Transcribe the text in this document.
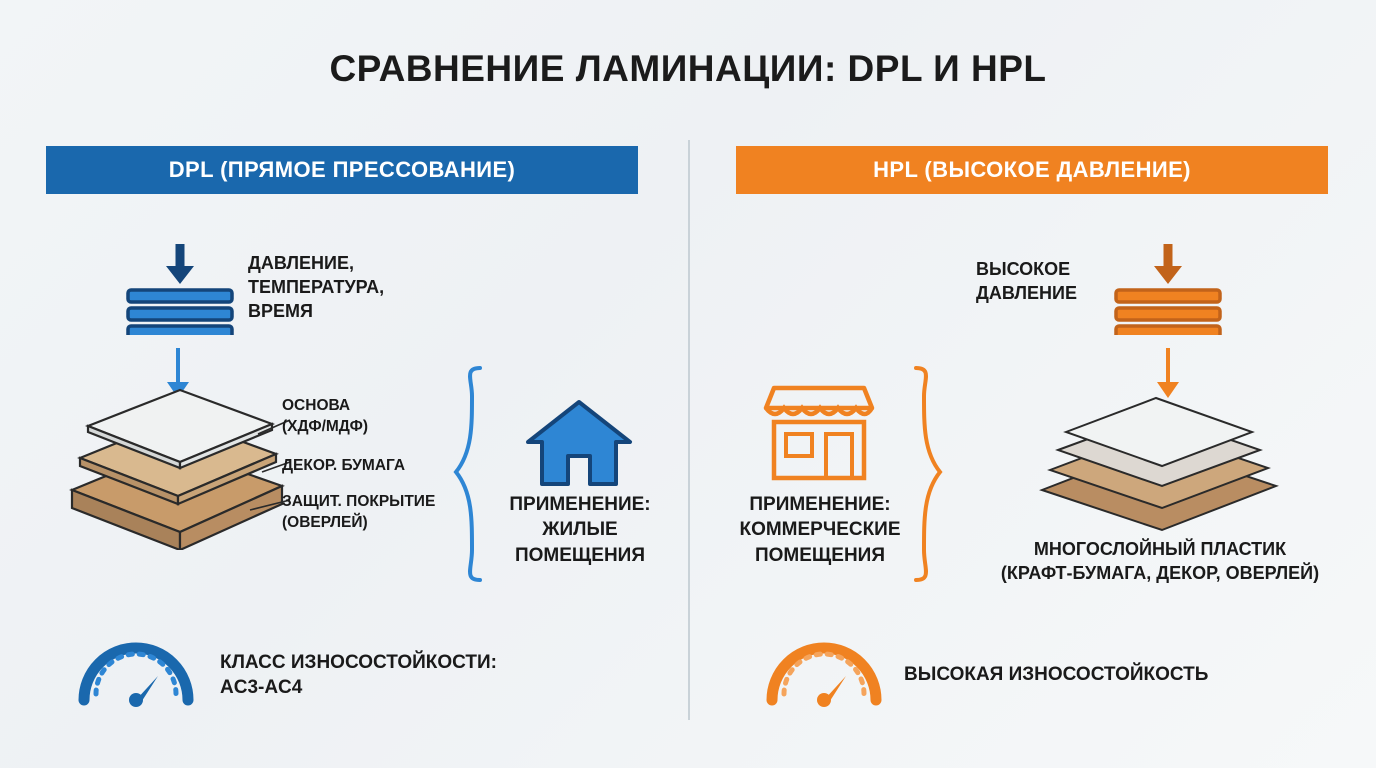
СРАВНЕНИЕ ЛАМИНАЦИИ: DPL И HPL
DPL (ПРЯМОЕ ПРЕССОВАНИЕ)
ДАВЛЕНИЕ,
ТЕМПЕРАТУРА,
ВРЕМЯ
ОСНОВА
(ХДФ/МДФ)
ДЕКОР. БУМАГА
ЗАЩИТ. ПОКРЫТИЕ
(ОВЕРЛЕЙ)
ПРИМЕНЕНИЕ:
ЖИЛЫЕ
ПОМЕЩЕНИЯ
КЛАСС ИЗНОСОСТОЙКОСТИ:
AC3-AC4
HPL (ВЫСОКОЕ ДАВЛЕНИЕ)
ВЫСОКОЕ
ДАВЛЕНИЕ
ПРИМЕНЕНИЕ:
КОММЕРЧЕСКИЕ
ПОМЕЩЕНИЯ	МНОГОСЛОЙНЫЙ ПЛАСТИК
(КРАФТ-БУМАГА, ДЕКОР, ОВЕРЛЕЙ)
ВЫСОКАЯ ИЗНОСОСТОЙКОСТЬ
